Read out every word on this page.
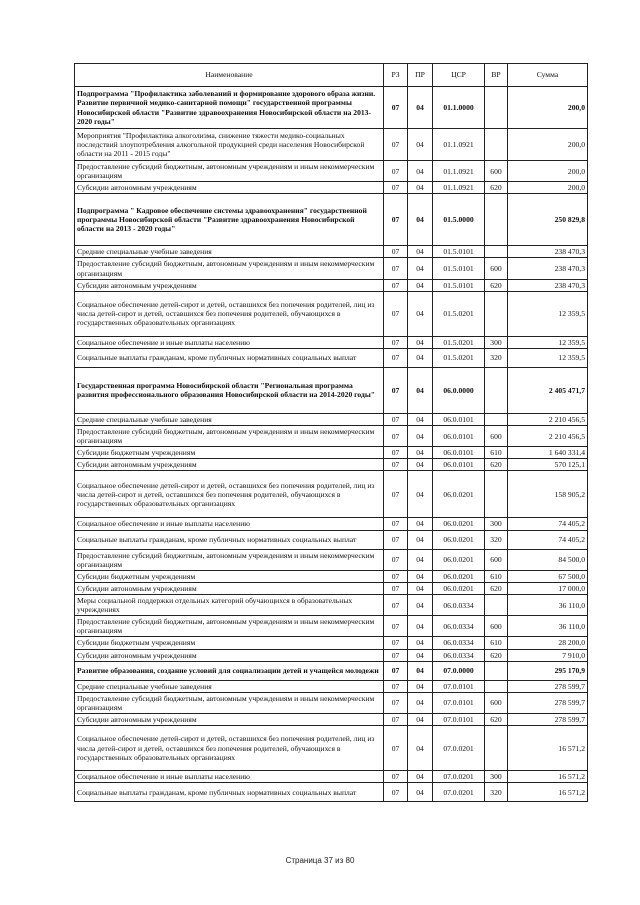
Наименование	РЗ	ПР	ЦСР	ВР	Сумма
Подпрограмма "Профилактика заболеваний и формирование здорового образа жизни. Развитие первичной медико-санитарной помощи" государственной программы Новосибирской области "Развитие здравоохранения Новосибирской области на 2013-2020 годы"	07	04	01.1.0000		200,0
Мероприятия "Профилактика алкоголизма, снижение тяжести медико-социальных последствий злоупотребления алкогольной продукцией среди населения Новосибирской области на 2011 - 2015 годы"	07	04	01.1.0921		200,0
Предоставление субсидий бюджетным, автономным учреждениям и иным некоммерческим организациям	07	04	01.1.0921	600	200,0
Субсидии автономным учреждениям	07	04	01.1.0921	620	200,0
Подпрограмма " Кадровое обеспечение системы здравоохранения" государственной программы Новосибирской области "Развитие здравоохранения Новосибирской области на 2013 - 2020 годы"	07	04	01.5.0000		250 829,8
Средние специальные учебные заведения	07	04	01.5.0101		238 470,3
Предоставление субсидий бюджетным, автономным учреждениям и иным некоммерческим организациям	07	04	01.5.0101	600	238 470,3
Субсидии автономным учреждениям	07	04	01.5.0101	620	238 470,3
Социальное обеспечение детей-сирот и детей, оставшихся без попечения родителей, лиц из числа детей-сирот и детей, оставшихся без попечения родителей, обучающихся в государственных образовательных организациях	07	04	01.5.0201		12 359,5
Социальное обеспечение и иные выплаты населению	07	04	01.5.0201	300	12 359,5
Социальные выплаты гражданам, кроме публичных нормативных социальных выплат	07	04	01.5.0201	320	12 359,5
Государственная программа Новосибирской области "Региональная программа развития профессионального образования Новосибирской области на 2014-2020 годы"	07	04	06.0.0000		2 405 471,7
Средние специальные учебные заведения	07	04	06.0.0101		2 210 456,5
Предоставление субсидий бюджетным, автономным учреждениям и иным некоммерческим организациям	07	04	06.0.0101	600	2 210 456,5
Субсидии бюджетным учреждениям	07	04	06.0.0101	610	1 640 331,4
Субсидии автономным учреждениям	07	04	06.0.0101	620	570 125,1
Социальное обеспечение детей-сирот и детей, оставшихся без попечения родителей, лиц из числа детей-сирот и детей, оставшихся без попечения родителей, обучающихся в государственных образовательных организациях	07	04	06.0.0201		158 905,2
Социальное обеспечение и иные выплаты населению	07	04	06.0.0201	300	74 405,2
Социальные выплаты гражданам, кроме публичных нормативных социальных выплат	07	04	06.0.0201	320	74 405,2
Предоставление субсидий бюджетным, автономным учреждениям и иным некоммерческим организациям	07	04	06.0.0201	600	84 500,0
Субсидии бюджетным учреждениям	07	04	06.0.0201	610	67 500,0
Субсидии автономным учреждениям	07	04	06.0.0201	620	17 000,0
Меры социальной поддержки отдельных категорий обучающихся в образовательных учреждениях	07	04	06.0.0334		36 110,0
Предоставление субсидий бюджетным, автономным учреждениям и иным некоммерческим организациям	07	04	06.0.0334	600	36 110,0
Субсидии бюджетным учреждениям	07	04	06.0.0334	610	28 200,0
Субсидии автономным учреждениям	07	04	06.0.0334	620	7 910,0
Развитие образования, создание условий для социализации детей и учащейся молодежи	07	04	07.0.0000		295 170,9
Средние специальные учебные заведения	07	04	07.0.0101		278 599,7
Предоставление субсидий бюджетным, автономным учреждениям и иным некоммерческим организациям	07	04	07.0.0101	600	278 599,7
Субсидии автономным учреждениям	07	04	07.0.0101	620	278 599,7
Социальное обеспечение детей-сирот и детей, оставшихся без попечения родителей, лиц из числа детей-сирот и детей, оставшихся без попечения родителей, обучающихся в государственных образовательных организациях	07	04	07.0.0201		16 571,2
Социальное обеспечение и иные выплаты населению	07	04	07.0.0201	300	16 571,2
Социальные выплаты гражданам, кроме публичных нормативных социальных выплат	07	04	07.0.0201	320	16 571,2
Страница 37 из 80
